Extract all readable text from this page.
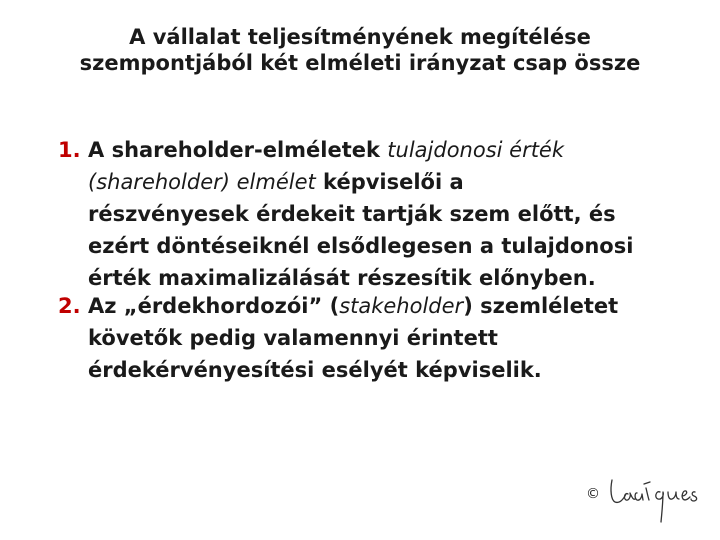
A vállalat teljesítményének megítélése
szempontjából két elméleti irányzat csap össze
1. A shareholder-elméletek tulajdonosi érték
(shareholder) elmélet képviselői a
részvényesek érdekeit tartják szem előtt, és
ezért döntéseiknél elsődlegesen a tulajdonosi
érték maximalizálását részesítik előnyben.
2. Az „érdekhordozói” (stakeholder) szemléletet
követők pedig valamennyi érintett
érdekérvényesítési esélyét képviselik.
©
